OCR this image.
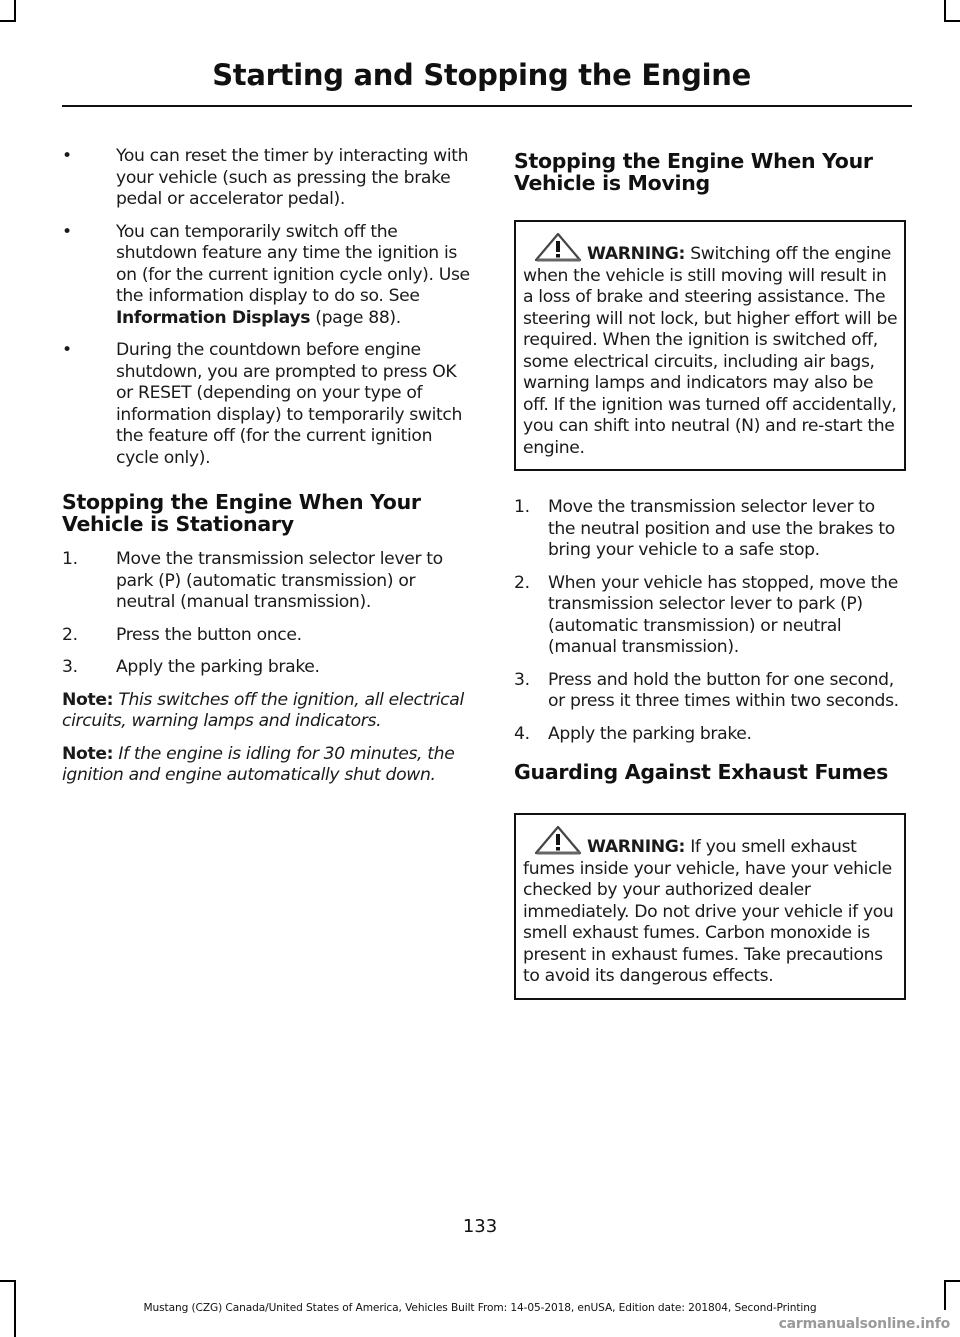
Starting and Stopping the Engine
•	You can reset the timer by interacting with your vehicle (such as pressing the brake pedal or accelerator pedal).
•	You can temporarily switch off the shutdown feature any time the ignition is on (for the current ignition cycle only). Use the information display to do so. See Information Displays (page 88).
•	During the countdown before engine shutdown, you are prompted to press OK or RESET (depending on your type of information display) to temporarily switch the feature off (for the current ignition cycle only).
Stopping the Engine When Your Vehicle is Stationary
1. Move the transmission selector lever to park (P) (automatic transmission) or neutral (manual transmission).
2. Press the button once.
3. Apply the parking brake.
Note: This switches off the ignition, all electrical circuits, warning lamps and indicators.
Note: If the engine is idling for 30 minutes, the ignition and engine automatically shut down.
Stopping the Engine When Your Vehicle is Moving
WARNING: Switching off the engine when the vehicle is still moving will result in a loss of brake and steering assistance. The steering will not lock, but higher effort will be required. When the ignition is switched off, some electrical circuits, including air bags, warning lamps and indicators may also be off. If the ignition was turned off accidentally, you can shift into neutral (N) and re-start the engine.
1. Move the transmission selector lever to the neutral position and use the brakes to bring your vehicle to a safe stop.
2. When your vehicle has stopped, move the transmission selector lever to park (P) (automatic transmission) or neutral (manual transmission).
3. Press and hold the button for one second, or press it three times within two seconds.
4. Apply the parking brake.
Guarding Against Exhaust Fumes
WARNING: If you smell exhaust fumes inside your vehicle, have your vehicle checked by your authorized dealer immediately. Do not drive your vehicle if you smell exhaust fumes. Carbon monoxide is present in exhaust fumes. Take precautions to avoid its dangerous effects.
133
Mustang (CZG) Canada/United States of America, Vehicles Built From: 14-05-2018, enUSA, Edition date: 201804, Second-Printing
carmanualsonline.info
